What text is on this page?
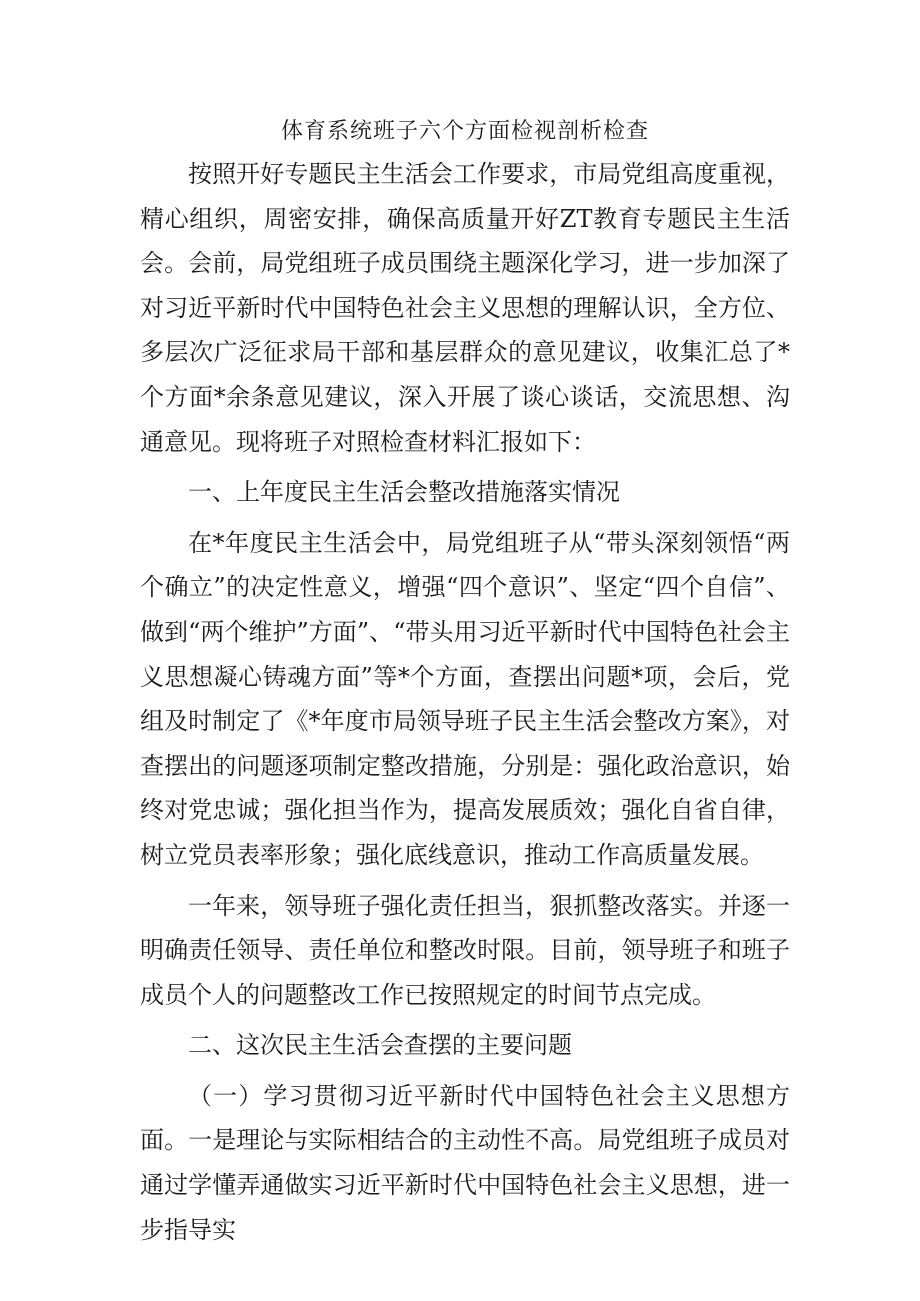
体育系统班子六个方面检视剖析检查

按照开好专题民主生活会工作要求，市局党组高度重视，精心组织，周密安排，确保高质量开好ZT教育专题民主生活会。会前，局党组班子成员围绕主题深化学习，进一步加深了对习近平新时代中国特色社会主义思想的理解认识，全方位、多层次广泛征求局干部和基层群众的意见建议，收集汇总了*个方面*余条意见建议，深入开展了谈心谈话，交流思想、沟通意见。现将班子对照检查材料汇报如下：

一、上年度民主生活会整改措施落实情况

在*年度民主生活会中，局党组班子从“带头深刻领悟“两个确立”的决定性意义，增强“四个意识”、坚定“四个自信”、做到“两个维护”方面”、“带头用习近平新时代中国特色社会主义思想凝心铸魂方面”等*个方面，查摆出问题*项，会后，党组及时制定了《*年度市局领导班子民主生活会整改方案》，对查摆出的问题逐项制定整改措施，分别是：强化政治意识，始终对党忠诚；强化担当作为，提高发展质效；强化自省自律，树立党员表率形象；强化底线意识，推动工作高质量发展。

一年来，领导班子强化责任担当，狠抓整改落实。并逐一明确责任领导、责任单位和整改时限。目前，领导班子和班子成员个人的问题整改工作已按照规定的时间节点完成。

二、这次民主生活会查摆的主要问题

（一）学习贯彻习近平新时代中国特色社会主义思想方面。一是理论与实际相结合的主动性不高。局党组班子成员对通过学懂弄通做实习近平新时代中国特色社会主义思想，进一步指导实
